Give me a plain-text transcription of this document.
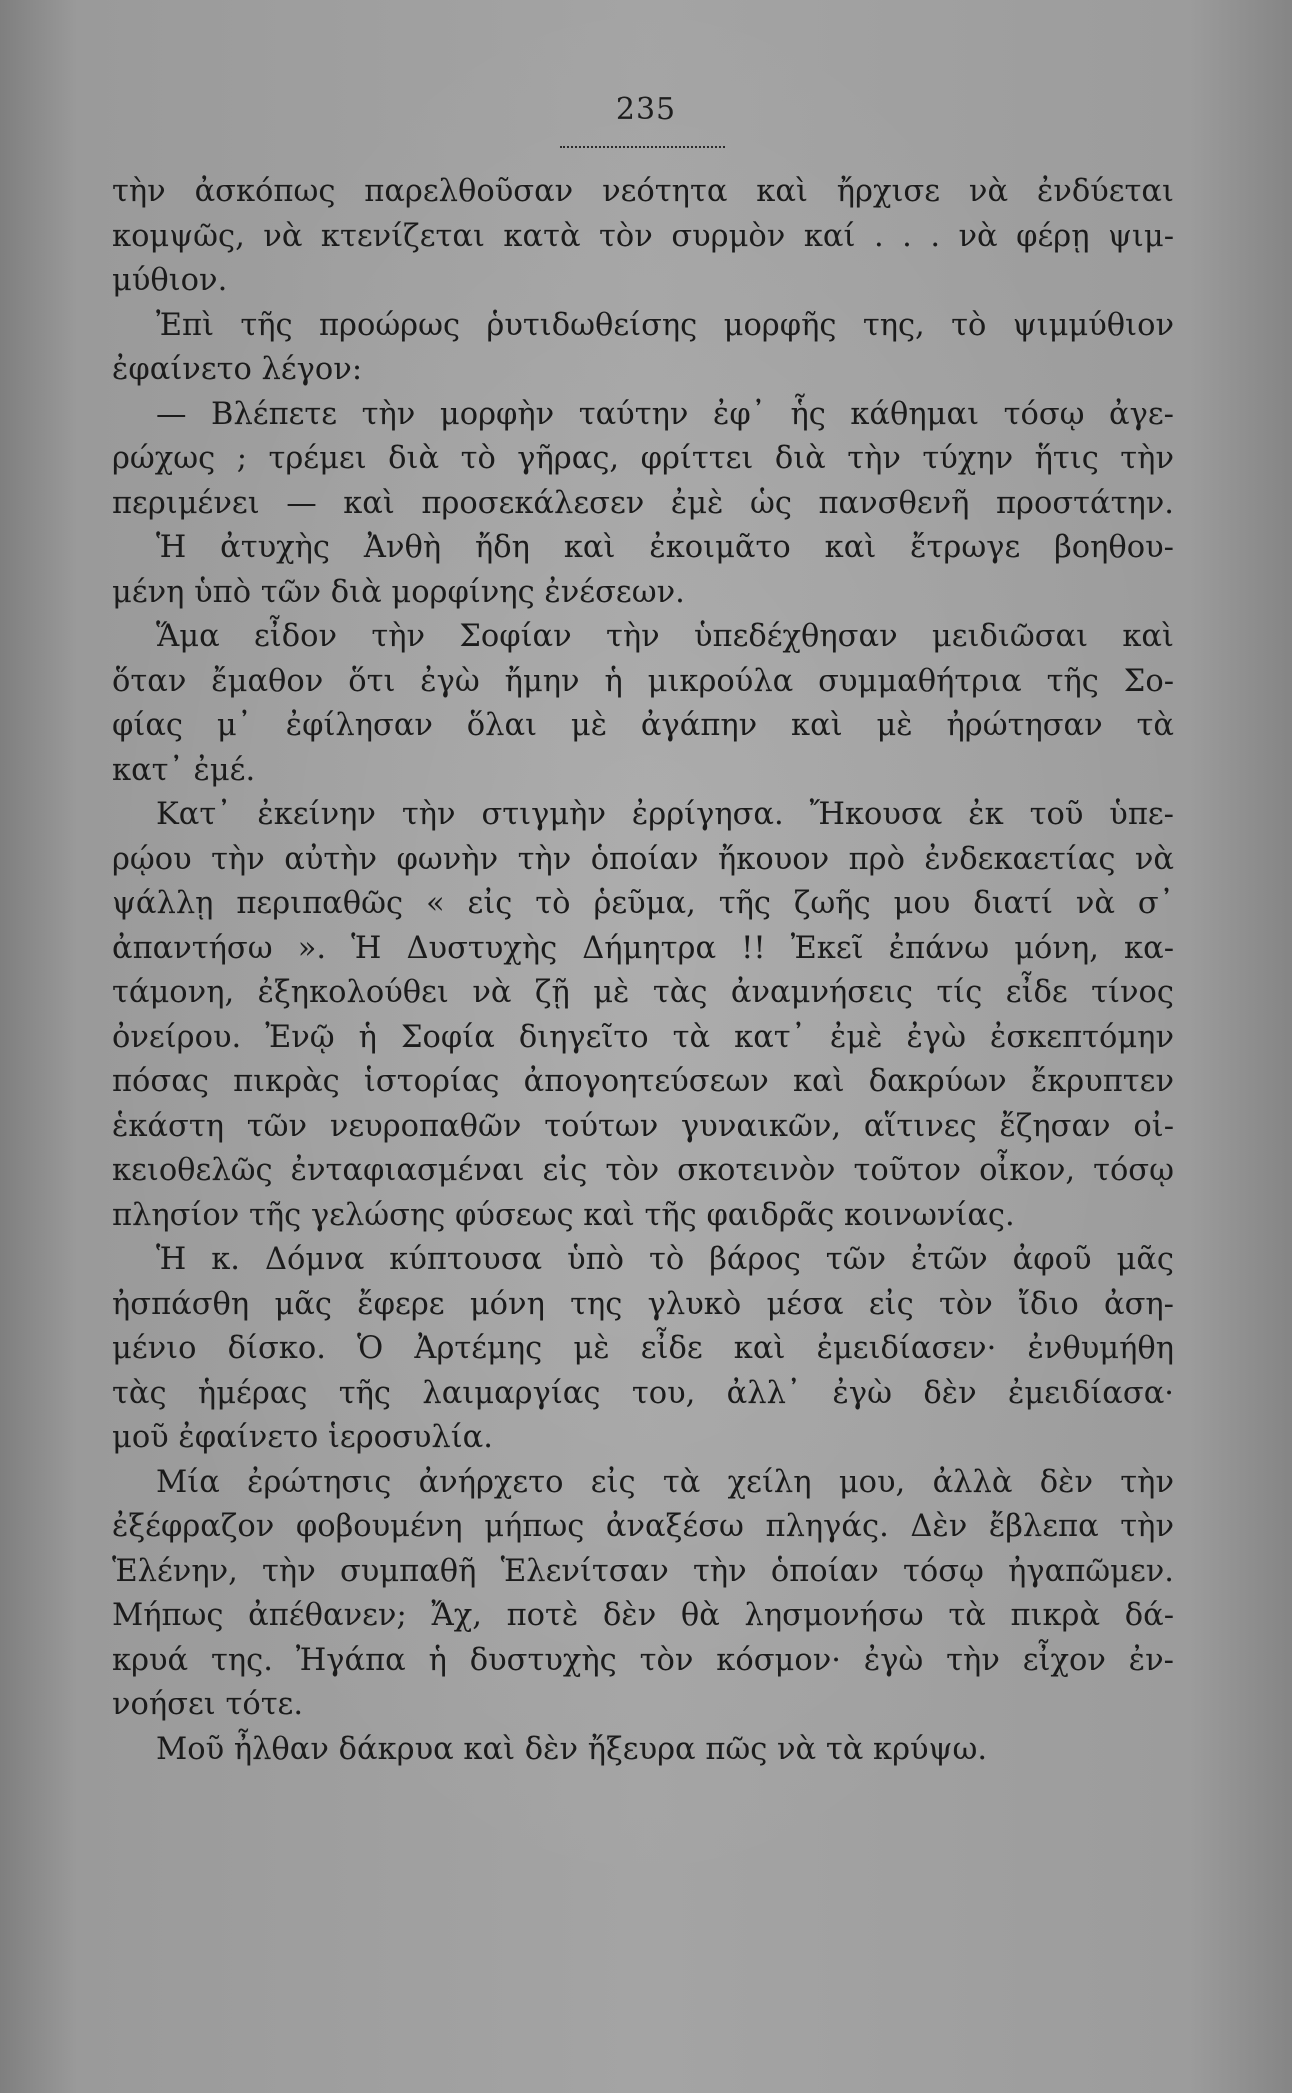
235
τὴν ἀσκόπως παρελθοῦσαν νεότητα καὶ ἤρχισε νὰ ἐνδύεται
κομψῶς, νὰ κτενίζεται κατὰ τὸν συρμὸν καί . . . νὰ φέρῃ ψιμ-
μύθιον.
Ἐπὶ τῆς προώρως ῥυτιδωθείσης μορφῆς της, τὸ ψιμμύθιον
ἐφαίνετο λέγον:
— Βλέπετε τὴν μορφὴν ταύτην ἐφ᾽ ἧς κάθημαι τόσῳ ἀγε-
ρώχως ; τρέμει διὰ τὸ γῆρας, φρίττει διὰ τὴν τύχην ἥτις τὴν
περιμένει — καὶ προσεκάλεσεν ἐμὲ ὡς πανσθενῆ προστάτην.
Ἡ ἀτυχὴς Ἀνθὴ ἤδη καὶ ἐκοιμᾶτο καὶ ἔτρωγε βοηθου-
μένη ὑπὸ τῶν διὰ μορφίνης ἐνέσεων.
Ἅμα εἶδον τὴν Σοφίαν τὴν ὑπεδέχθησαν μειδιῶσαι καὶ
ὅταν ἔμαθον ὅτι ἐγὼ ἤμην ἡ μικρούλα συμμαθήτρια τῆς Σο-
φίας μ᾽ ἐφίλησαν ὅλαι μὲ ἀγάπην καὶ μὲ ἠρώτησαν τὰ
κατ᾽ ἐμέ.
Κατ᾽ ἐκείνην τὴν στιγμὴν ἐρρίγησα. Ἤκουσα ἐκ τοῦ ὑπε-
ρῴου τὴν αὐτὴν φωνὴν τὴν ὁποίαν ἤκουον πρὸ ἐνδεκαετίας νὰ
ψάλλῃ περιπαθῶς « εἰς τὸ ῥεῦμα, τῆς ζωῆς μου διατί νὰ σ᾽
ἀπαντήσω ». Ἡ Δυστυχὴς Δήμητρα !! Ἐκεῖ ἐπάνω μόνη, κα-
τάμονη, ἐξηκολούθει νὰ ζῇ μὲ τὰς ἀναμνήσεις τίς εἶδε τίνος
ὀνείρου. Ἐνῷ ἡ Σοφία διηγεῖτο τὰ κατ᾽ ἐμὲ ἐγὼ ἐσκεπτόμην
πόσας πικρὰς ἱστορίας ἀπογοητεύσεων καὶ δακρύων ἔκρυπτεν
ἑκάστη τῶν νευροπαθῶν τούτων γυναικῶν, αἵτινες ἔζησαν οἰ-
κειοθελῶς ἐνταφιασμέναι εἰς τὸν σκοτεινὸν τοῦτον οἶκον, τόσῳ
πλησίον τῆς γελώσης φύσεως καὶ τῆς φαιδρᾶς κοινωνίας.
Ἡ κ. Δόμνα κύπτουσα ὑπὸ τὸ βάρος τῶν ἐτῶν ἀφοῦ μᾶς
ἠσπάσθη μᾶς ἔφερε μόνη της γλυκὸ μέσα εἰς τὸν ἴδιο ἀση-
μένιο δίσκο. Ὁ Ἀρτέμης μὲ εἶδε καὶ ἐμειδίασεν· ἐνθυμήθη
τὰς ἡμέρας τῆς λαιμαργίας του, ἀλλ᾽ ἐγὼ δὲν ἐμειδίασα·
μοῦ ἐφαίνετο ἱεροσυλία.
Μία ἐρώτησις ἀνήρχετο εἰς τὰ χείλη μου, ἀλλὰ δὲν τὴν
ἐξέφραζον φοβουμένη μήπως ἀναξέσω πληγάς. Δὲν ἔβλεπα τὴν
Ἑλένην, τὴν συμπαθῆ Ἑλενίτσαν τὴν ὁποίαν τόσῳ ἠγαπῶμεν.
Μήπως ἀπέθανεν; Ἄχ, ποτὲ δὲν θὰ λησμονήσω τὰ πικρὰ δά-
κρυά της. Ἠγάπα ἡ δυστυχὴς τὸν κόσμον· ἐγὼ τὴν εἶχον ἐν-
νοήσει τότε.
Μοῦ ἦλθαν δάκρυα καὶ δὲν ἤξευρα πῶς νὰ τὰ κρύψω.
